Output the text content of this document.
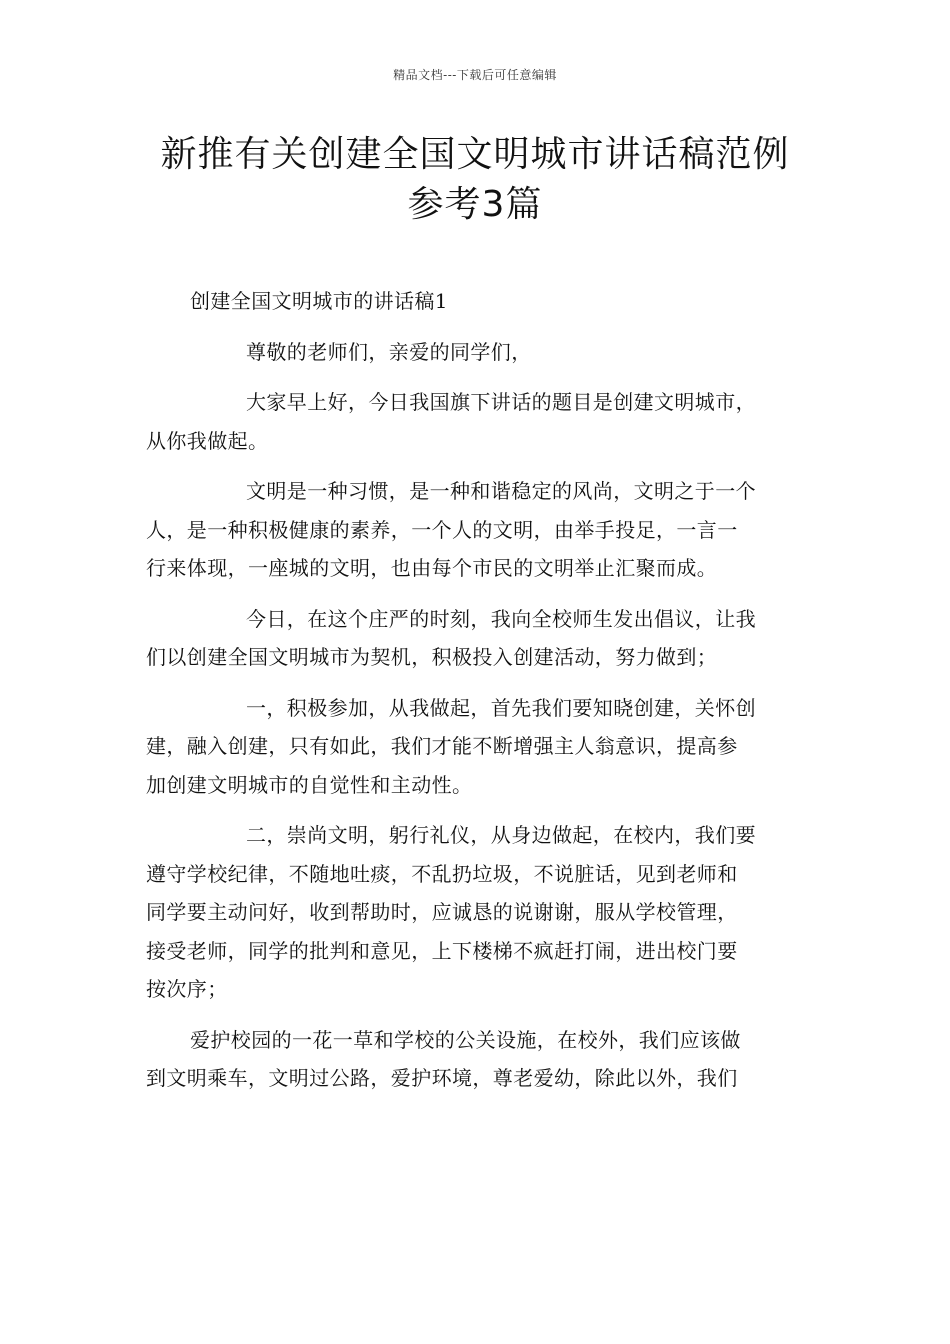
精品文档---下载后可任意编辑
新推有关创建全国文明城市讲话稿范例
参考3篇

创建全国文明城市的讲话稿1

尊敬的老师们，亲爱的同学们，

大家早上好，今日我国旗下讲话的题目是创建文明城市，
从你我做起。

文明是一种习惯，是一种和谐稳定的风尚，文明之于一个
人，是一种积极健康的素养，一个人的文明，由举手投足，一言一
行来体现，一座城的文明，也由每个市民的文明举止汇聚而成。

今日，在这个庄严的时刻，我向全校师生发出倡议，让我
们以创建全国文明城市为契机，积极投入创建活动，努力做到；

一，积极参加，从我做起，首先我们要知晓创建，关怀创
建，融入创建，只有如此，我们才能不断增强主人翁意识，提高参
加创建文明城市的自觉性和主动性。

二，崇尚文明，躬行礼仪，从身边做起，在校内，我们要
遵守学校纪律，不随地吐痰，不乱扔垃圾，不说脏话，见到老师和
同学要主动问好，收到帮助时，应诚恳的说谢谢，服从学校管理，
接受老师，同学的批判和意见，上下楼梯不疯赶打闹，进出校门要
按次序；

爱护校园的一花一草和学校的公关设施，在校外，我们应该做
到文明乘车，文明过公路，爱护环境，尊老爱幼，除此以外，我们
